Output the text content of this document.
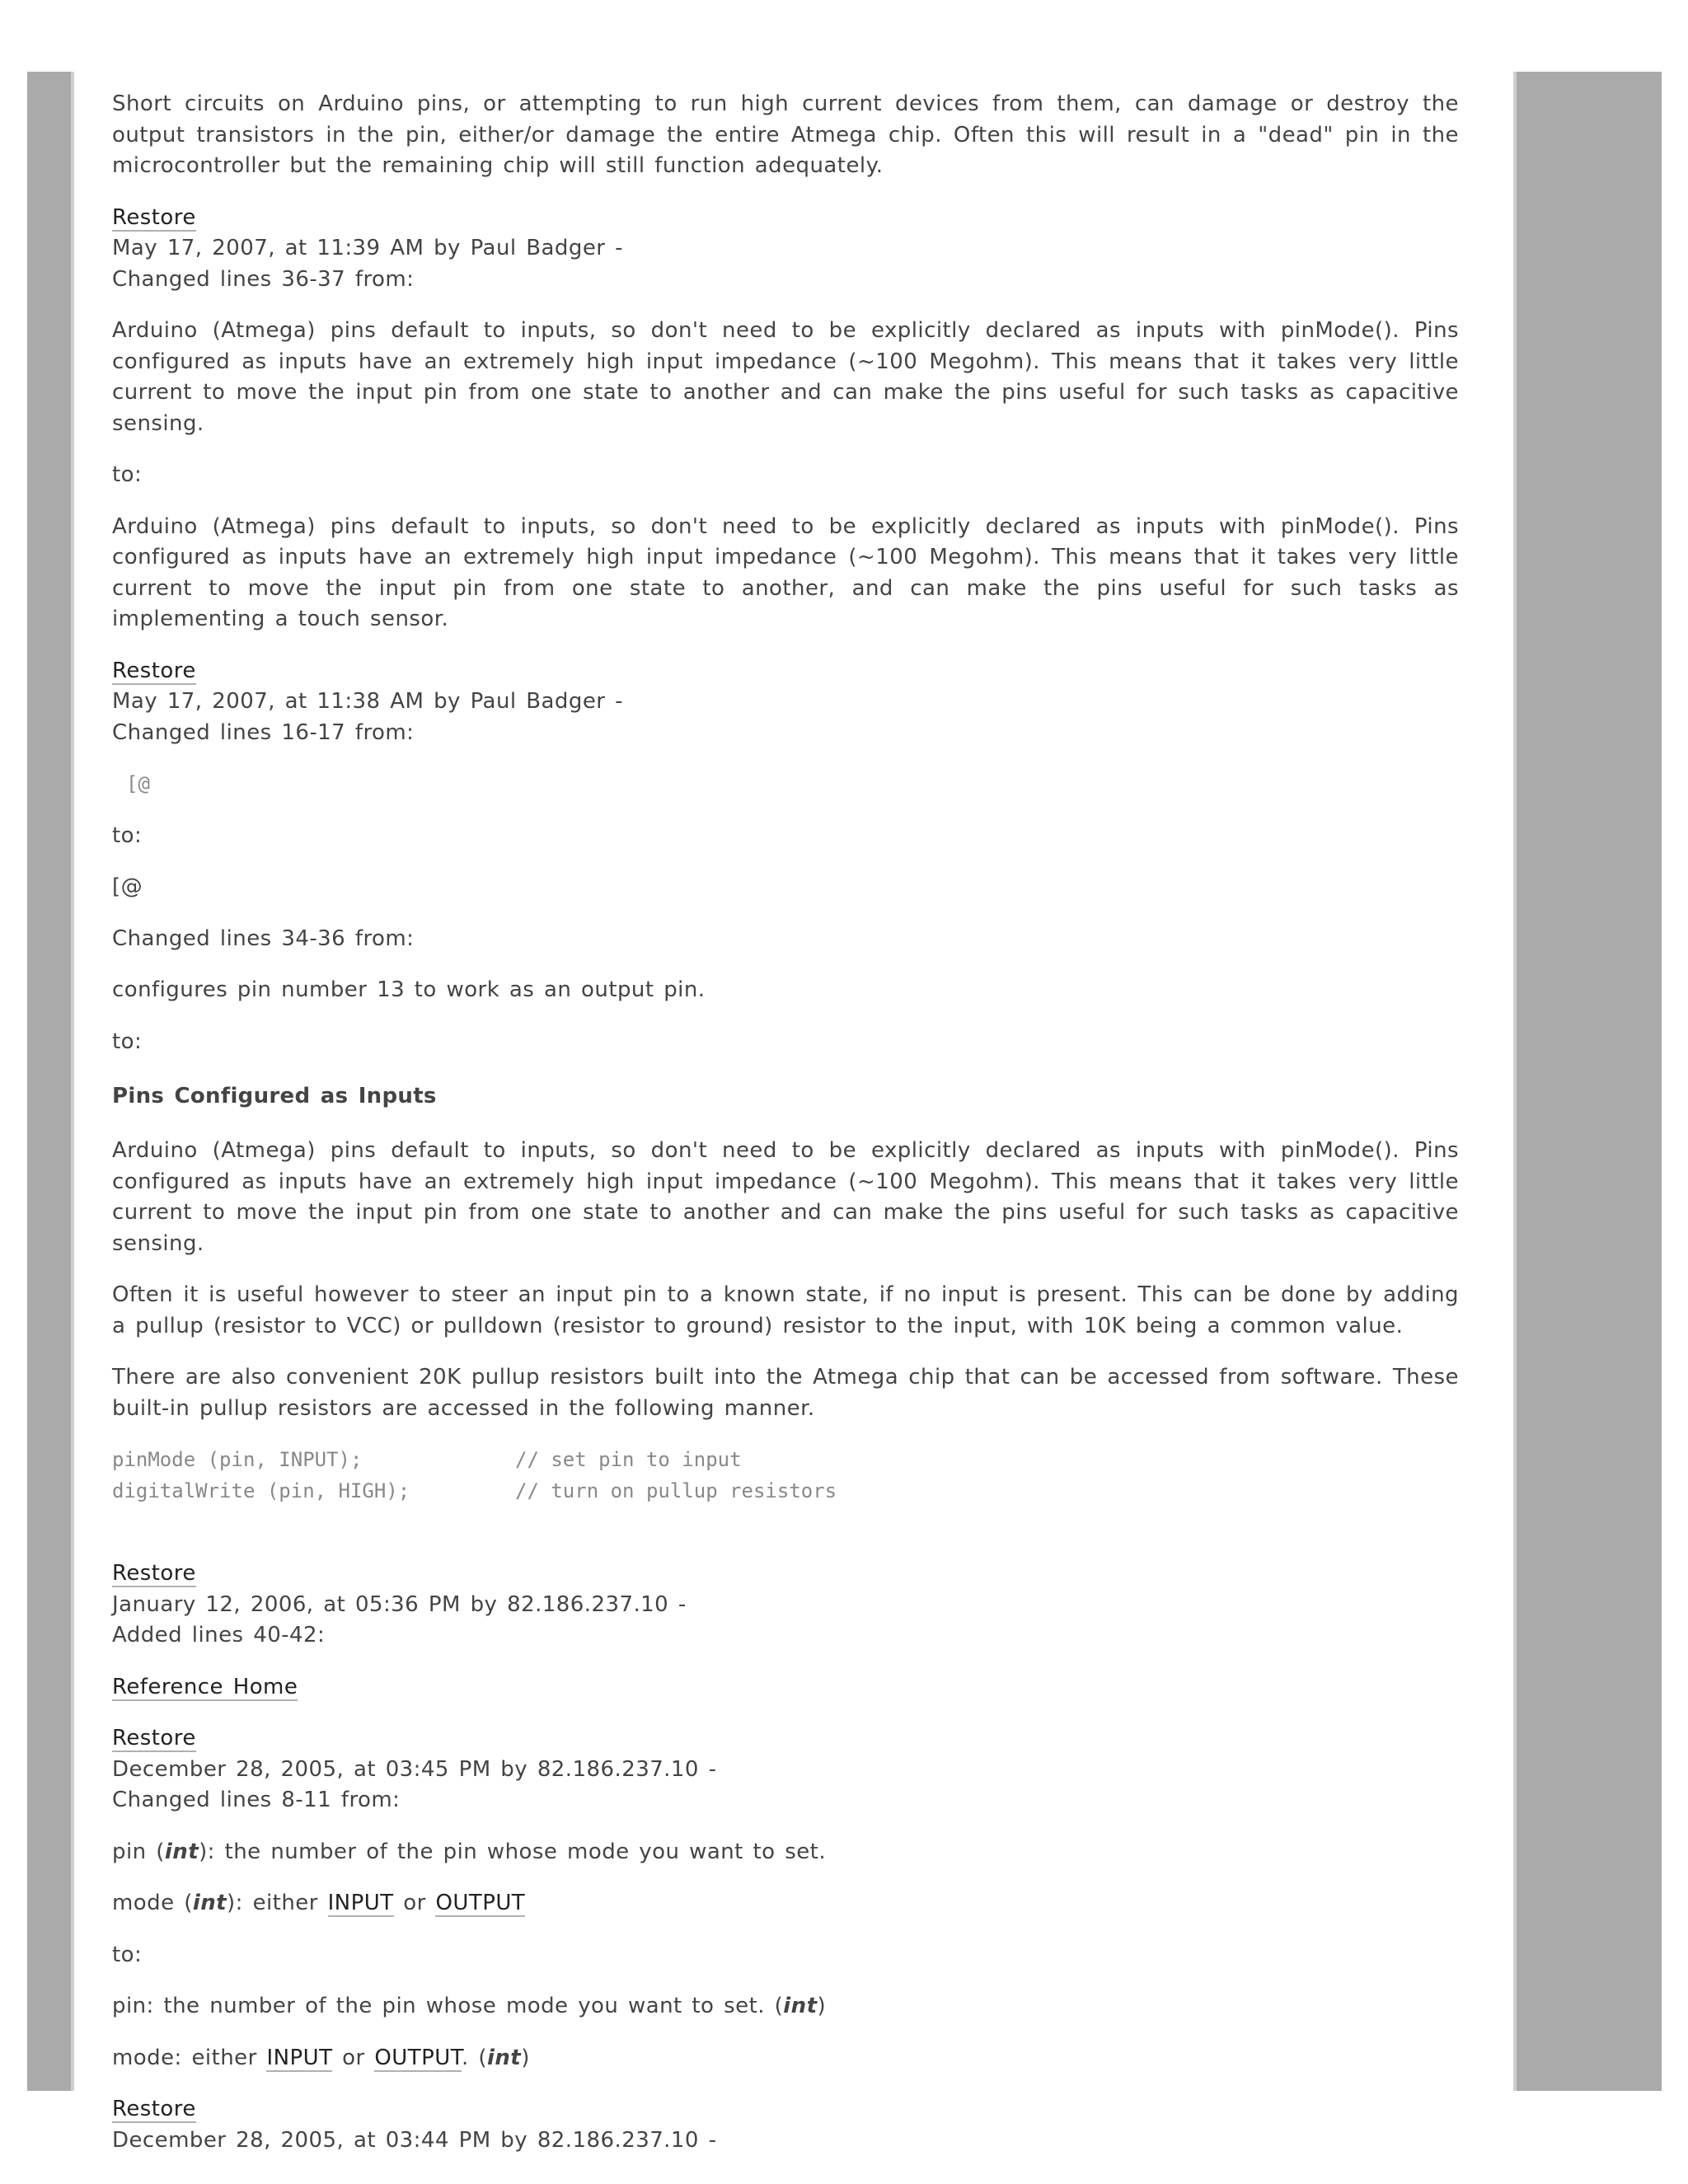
Short circuits on Arduino pins, or attempting to run high current devices from them, can damage or destroy the output transistors in the pin, either/or damage the entire Atmega chip. Often this will result in a "dead" pin in the microcontroller but the remaining chip will still function adequately.

Restore
May 17, 2007, at 11:39 AM by Paul Badger -
Changed lines 36-37 from:

Arduino (Atmega) pins default to inputs, so don't need to be explicitly declared as inputs with pinMode(). Pins configured as inputs have an extremely high input impedance (~100 Megohm). This means that it takes very little current to move the input pin from one state to another and can make the pins useful for such tasks as capacitive sensing.

to:

Arduino (Atmega) pins default to inputs, so don't need to be explicitly declared as inputs with pinMode(). Pins configured as inputs have an extremely high input impedance (~100 Megohm). This means that it takes very little current to move the input pin from one state to another, and can make the pins useful for such tasks as implementing a touch sensor.

Restore
May 17, 2007, at 11:38 AM by Paul Badger -
Changed lines 16-17 from:
[@

to:

[@

Changed lines 34-36 from:

configures pin number 13 to work as an output pin.

to:

Pins Configured as Inputs

Arduino (Atmega) pins default to inputs, so don't need to be explicitly declared as inputs with pinMode(). Pins configured as inputs have an extremely high input impedance (~100 Megohm). This means that it takes very little current to move the input pin from one state to another and can make the pins useful for such tasks as capacitive sensing.

Often it is useful however to steer an input pin to a known state, if no input is present. This can be done by adding a pullup (resistor to VCC) or pulldown (resistor to ground) resistor to the input, with 10K being a common value.

There are also convenient 20K pullup resistors built into the Atmega chip that can be accessed from software. These built-in pullup resistors are accessed in the following manner.

pinMode (pin, INPUT);	// set pin to input
digitalWrite (pin, HIGH);	// turn on pullup resistors
Restore
January 12, 2006, at 05:36 PM by 82.186.237.10 -
Added lines 40-42:

Reference Home

Restore
December 28, 2005, at 03:45 PM by 82.186.237.10 -
Changed lines 8-11 from:

pin (int): the number of the pin whose mode you want to set.

mode (int): either INPUT or OUTPUT

to:

pin: the number of the pin whose mode you want to set. (int)

mode: either INPUT or OUTPUT. (int)

Restore
December 28, 2005, at 03:44 PM by 82.186.237.10 -
